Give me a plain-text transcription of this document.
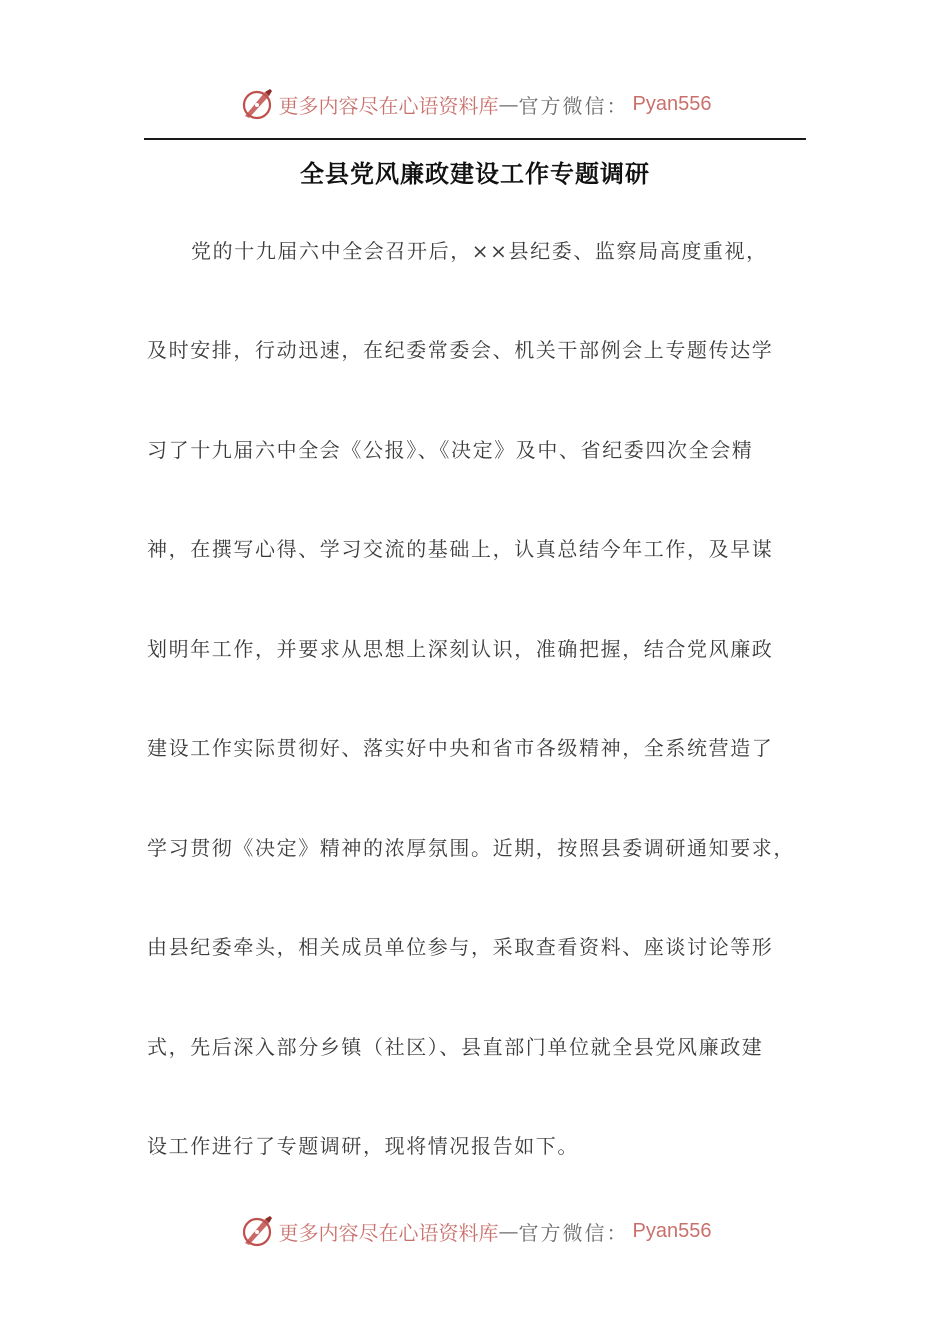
更多内容尽在心语资料库 — 官方微信： Pyan556
全县党风廉政建设工作专题调研
党的十九届六中全会召开后，××县纪委、监察局高度重视，
及时安排，行动迅速，在纪委常委会、机关干部例会上专题传达学
习了十九届六中全会《公报》、《决定》及中、省纪委四次全会精
神，在撰写心得、学习交流的基础上，认真总结今年工作，及早谋
划明年工作，并要求从思想上深刻认识，准确把握，结合党风廉政
建设工作实际贯彻好、落实好中央和省市各级精神，全系统营造了
学习贯彻《决定》精神的浓厚氛围。近期，按照县委调研通知要求，
由县纪委牵头，相关成员单位参与，采取查看资料、座谈讨论等形
式，先后深入部分乡镇（社区）、县直部门单位就全县党风廉政建
设工作进行了专题调研，现将情况报告如下。
更多内容尽在心语资料库 — 官方微信： Pyan556
